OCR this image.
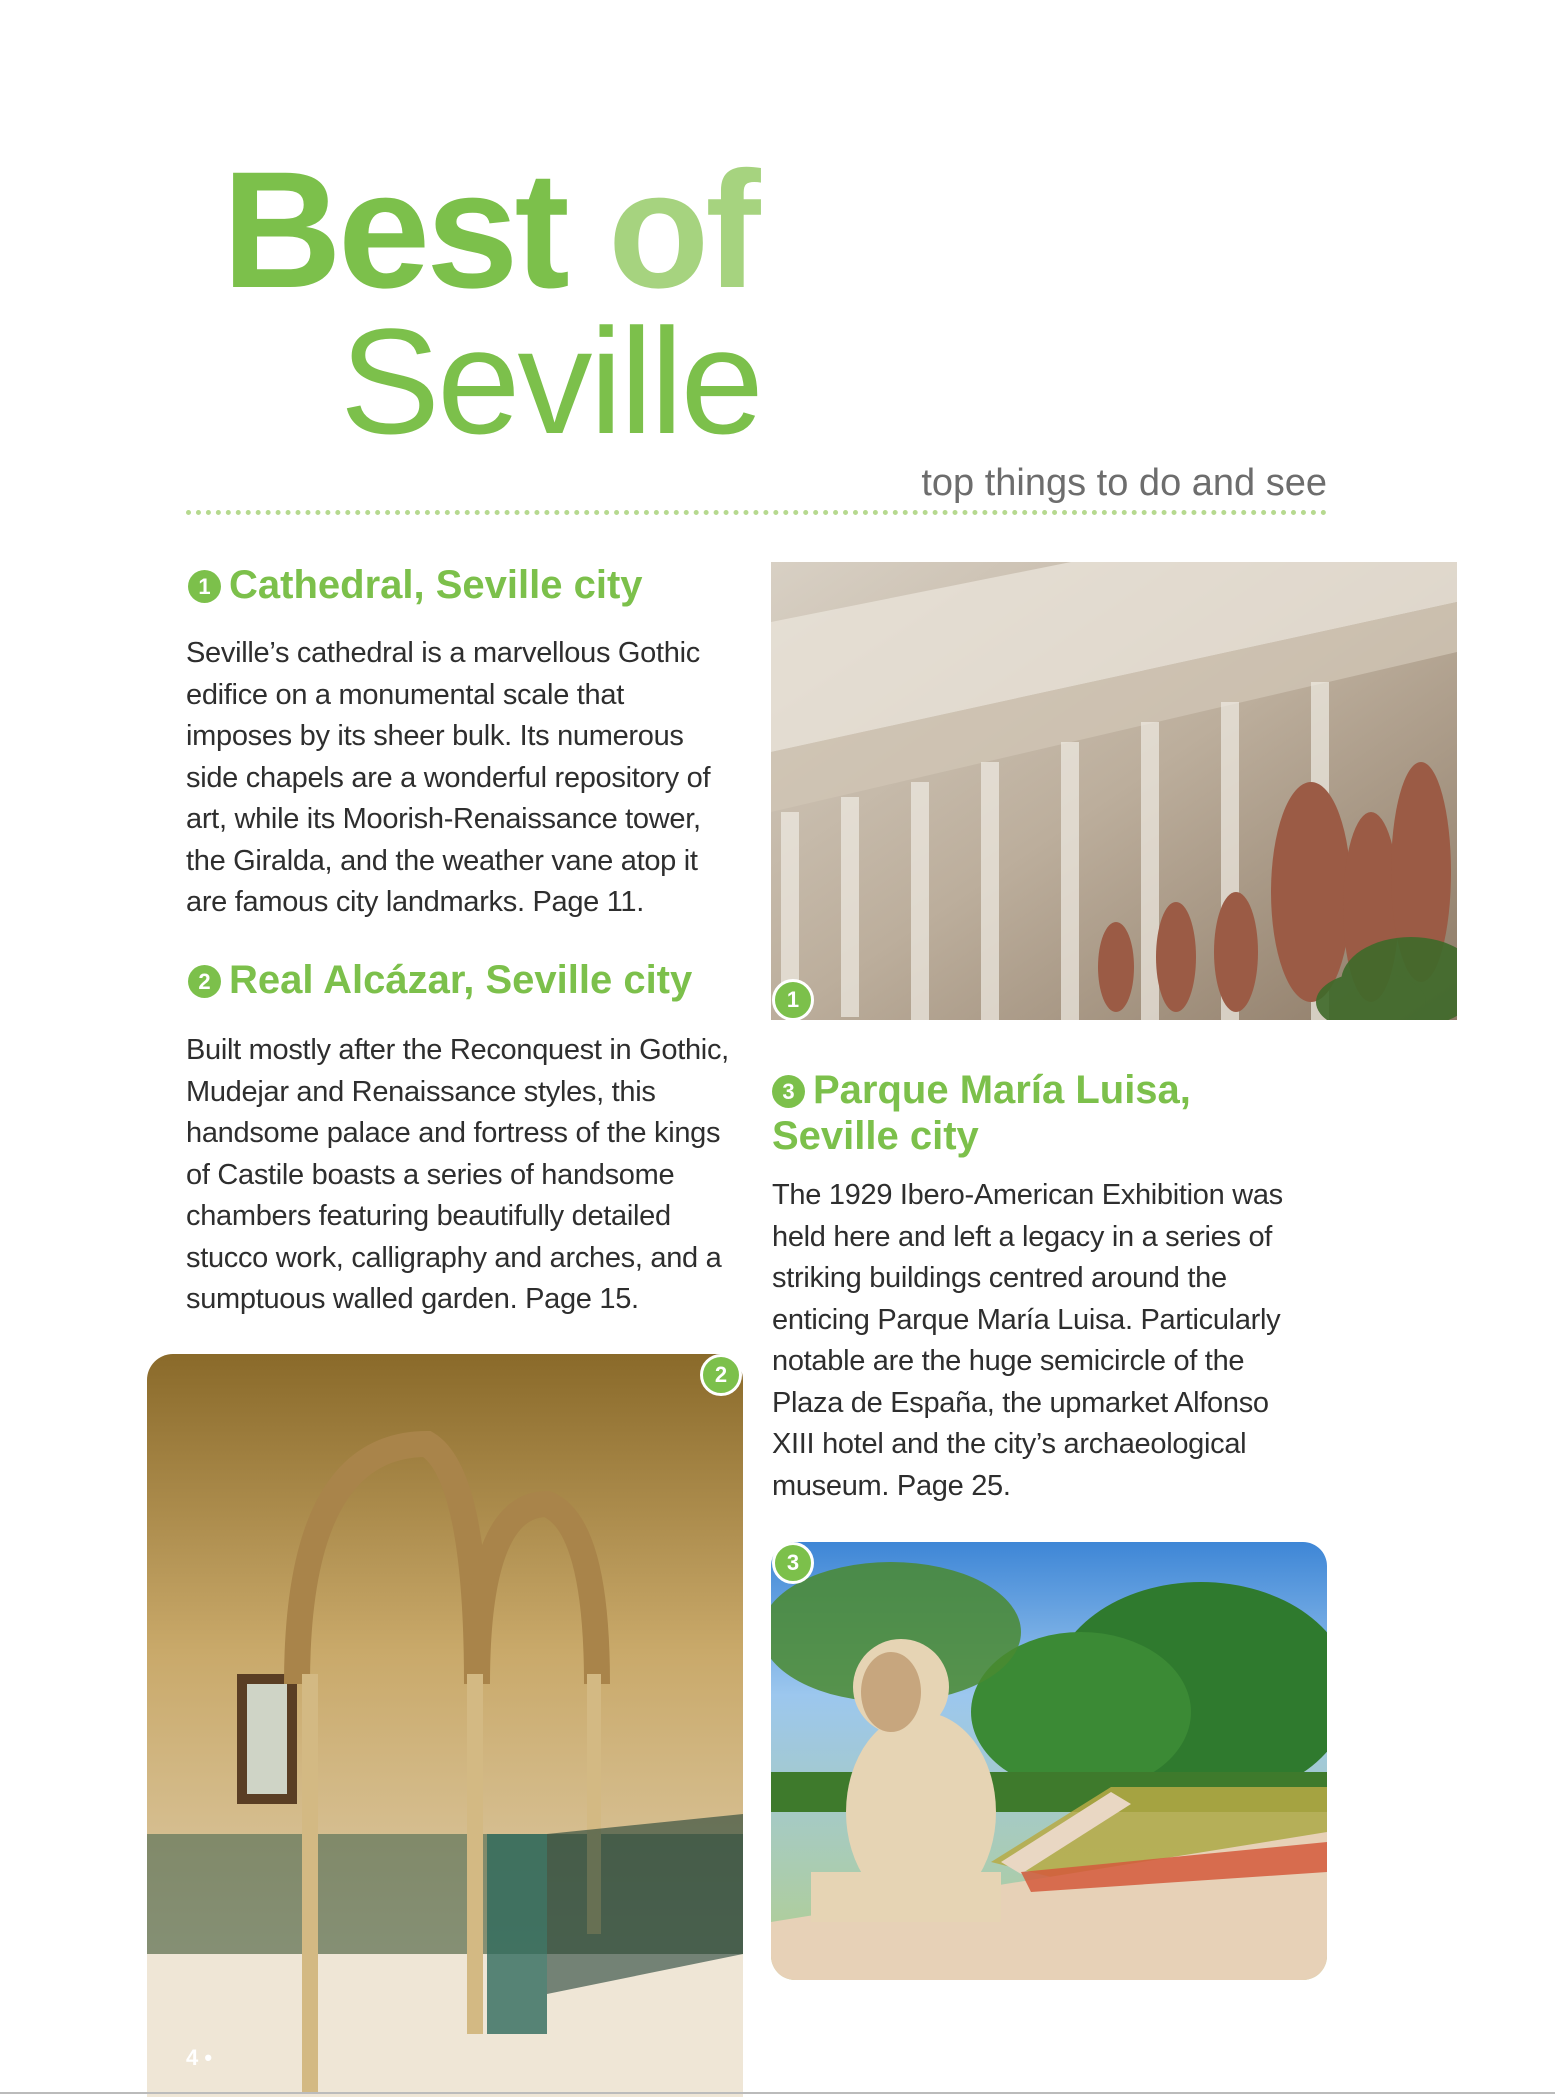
Best of
Seville
top things to do and see
1 Cathedral, Seville city

Seville’s cathedral is a marvellous Gothic edifice on a monumental scale that imposes by its sheer bulk. Its numerous side chapels are a wonderful repository of art, while its Moorish-Renaissance tower, the Giralda, and the weather vane atop it are famous city landmarks. Page 11.

2 Real Alcázar, Seville city

Built mostly after the Reconquest in Gothic, Mudejar and Renaissance styles, this handsome palace and fortress of the kings of Castile boasts a series of handsome chambers featuring beautifully detailed stucco work, calligraphy and arches, and a sumptuous walled garden. Page 15.

3 Parque María Luisa,
Seville city

The 1929 Ibero-American Exhibition was held here and left a legacy in a series of striking buildings centred around the enticing Parque María Luisa. Particularly notable are the huge semicircle of the Plaza de España, the upmarket Alfonso XIII hotel and the city’s archaeological museum. Page 25.

1
2
4 •
3
